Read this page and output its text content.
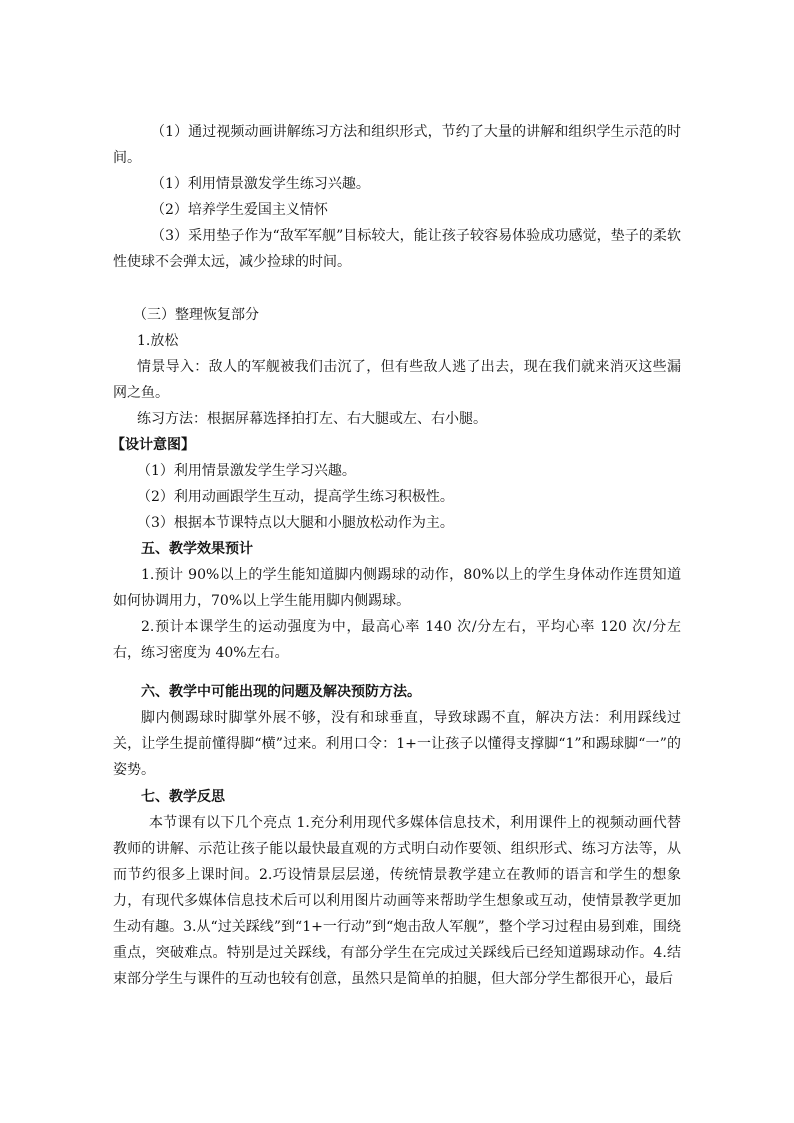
（1）通过视频动画讲解练习方法和组织形式，节约了大量的讲解和组织学生示范的时间。

（1）利用情景激发学生练习兴趣。

（2）培养学生爱国主义情怀

（3）采用垫子作为“敌军军舰”目标较大，能让孩子较容易体验成功感觉，垫子的柔软性使球不会弹太远，减少捡球的时间。

（三）整理恢复部分

1.放松

情景导入：敌人的军舰被我们击沉了，但有些敌人逃了出去，现在我们就来消灭这些漏网之鱼。

练习方法：根据屏幕选择拍打左、右大腿或左、右小腿。

【设计意图】

（1）利用情景激发学生学习兴趣。

（2）利用动画跟学生互动，提高学生练习积极性。

（3）根据本节课特点以大腿和小腿放松动作为主。

五、教学效果预计

1.预计 90%以上的学生能知道脚内侧踢球的动作，80%以上的学生身体动作连贯知道如何协调用力，70%以上学生能用脚内侧踢球。

2.预计本课学生的运动强度为中，最高心率 140 次/分左右，平均心率 120 次/分左右，练习密度为 40%左右。

六、教学中可能出现的问题及解决预防方法。

脚内侧踢球时脚掌外展不够，没有和球垂直，导致球踢不直，解决方法：利用踩线过关，让学生提前懂得脚“横”过来。利用口令：1+一让孩子以懂得支撑脚“1”和踢球脚“一”的姿势。

七、教学反思

本节课有以下几个亮点 1.充分利用现代多媒体信息技术，利用课件上的视频动画代替教师的讲解、示范让孩子能以最快最直观的方式明白动作要领、组织形式、练习方法等，从而节约很多上课时间。2.巧设情景层层递，传统情景教学建立在教师的语言和学生的想象力，有现代多媒体信息技术后可以利用图片动画等来帮助学生想象或互动，使情景教学更加生动有趣。3.从“过关踩线”到“1+一行动”到“炮击敌人军舰”，整个学习过程由易到难，围绕重点，突破难点。特别是过关踩线，有部分学生在完成过关踩线后已经知道踢球动作。4.结束部分学生与课件的互动也较有创意，虽然只是简单的拍腿，但大部分学生都很开心，最后
